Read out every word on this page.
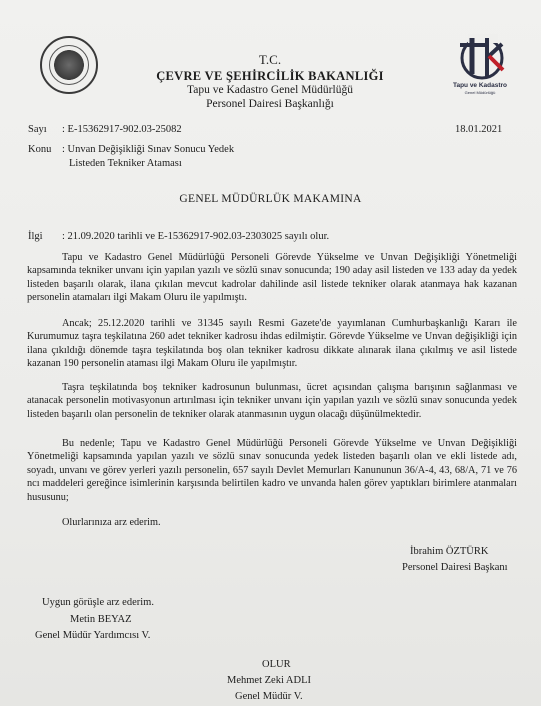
Tapu ve Kadastro
Genel Müdürlüğü
T.C.
ÇEVRE VE ŞEHİRCİLİK BAKANLIĞI
Tapu ve Kadastro Genel Müdürlüğü
Personel Dairesi Başkanlığı
Sayı : E-15362917-902.03-25082	18.01.2021
Konu : Unvan Değişikliği Sınav Sonucu Yedek
Listeden Tekniker Ataması
GENEL MÜDÜRLÜK MAKAMINA
İlgi : 21.09.2020 tarihli ve E-15362917-902.03-2303025 sayılı olur.

Tapu ve Kadastro Genel Müdürlüğü Personeli Görevde Yükselme ve Unvan Değişikliği Yönetmeliği kapsamında tekniker unvanı için yapılan yazılı ve sözlü sınav sonucunda; 190 aday asil listeden ve 133 aday da yedek listeden başarılı olarak, ilana çıkılan mevcut kadrolar dahilinde asil listede tekniker olarak atanmaya hak kazanan personelin atamaları ilgi Makam Oluru ile yapılmıştı.

Ancak; 25.12.2020 tarihli ve 31345 sayılı Resmi Gazete'de yayımlanan Cumhurbaşkanlığı Kararı ile Kurumumuz taşra teşkilatına 260 adet tekniker kadrosu ihdas edilmiştir. Görevde Yükselme ve Unvan değişikliği için ilana çıkıldığı dönemde taşra teşkilatında boş olan tekniker kadrosu dikkate alınarak ilana çıkılmış ve asil listede kazanan 190 personelin ataması ilgi Makam Oluru ile yapılmıştır.

Taşra teşkilatında boş tekniker kadrosunun bulunması, ücret açısından çalışma barışının sağlanması ve atanacak personelin motivasyonun artırılması için tekniker unvanı için yapılan yazılı ve sözlü sınav sonucunda yedek listeden başarılı olan personelin de tekniker olarak atanmasının uygun olacağı düşünülmektedir.

Bu nedenle; Tapu ve Kadastro Genel Müdürlüğü Personeli Görevde Yükselme ve Unvan Değişikliği Yönetmeliği kapsamında yapılan yazılı ve sözlü sınav sonucunda yedek listeden başarılı olan ve ekli listede adı, soyadı, unvanı ve görev yerleri yazılı personelin, 657 sayılı Devlet Memurları Kanununun 36/A-4, 43, 68/A, 71 ve 76 ncı maddeleri gereğince isimlerinin karşısında belirtilen kadro ve unvanda halen görev yaptıkları birimlere atanmaları hususunu;

Olurlarınıza arz ederim.

İbrahim ÖZTÜRK
Personel Dairesi Başkanı
Uygun görüşle arz ederim.
Metin BEYAZ
Genel Müdür Yardımcısı V.
OLUR
Mehmet Zeki ADLI
Genel Müdür V.
